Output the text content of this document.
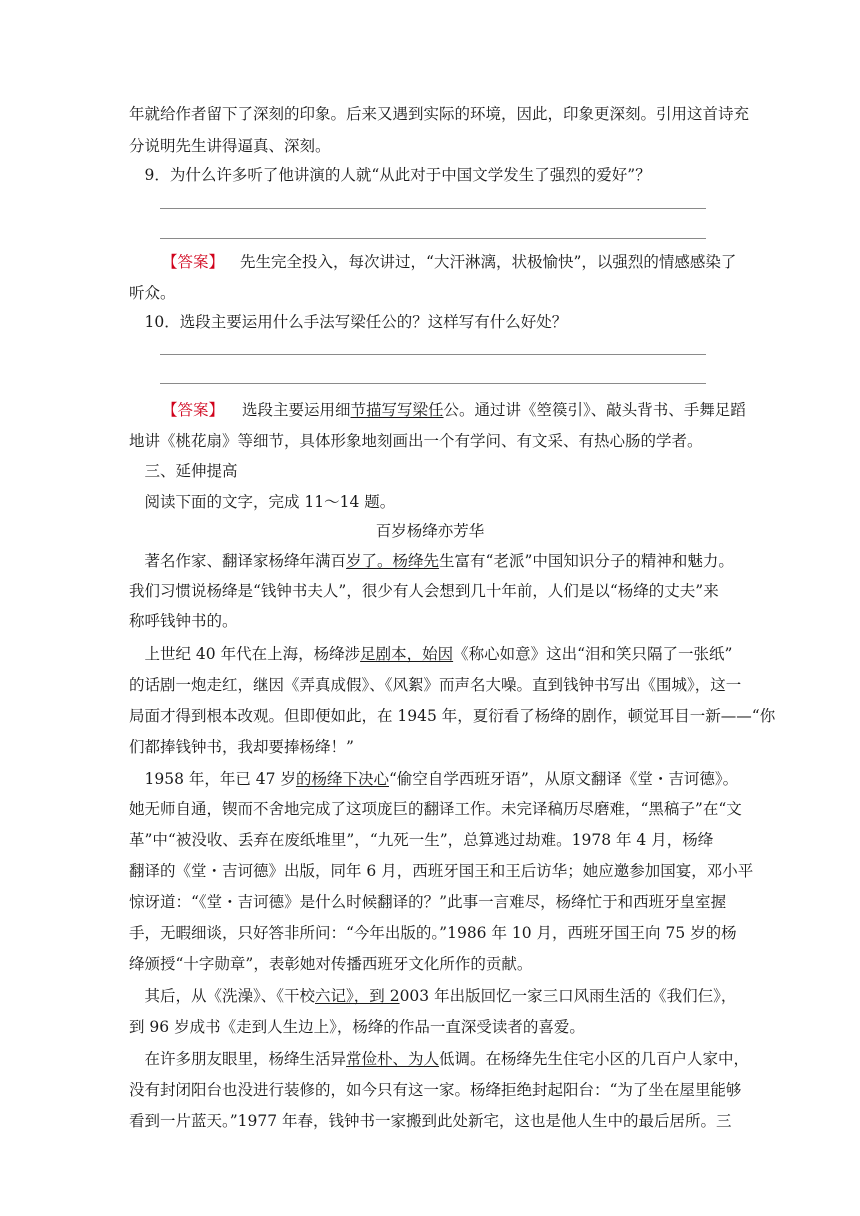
年就给作者留下了深刻的印象。后来又遇到实际的环境，因此，印象更深刻。引用这首诗充
分说明先生讲得逼真、深刻。
　9．为什么许多听了他讲演的人就“从此对于中国文学发生了强烈的爱好”？
【答案】 先生完全投入，每次讲过，“大汗淋漓，状极愉快”，以强烈的情感感染了
听众。
　10．选段主要运用什么手法写梁任公的？这样写有什么好处？
【答案】 选段主要运用细节描写写梁任公。通过讲《箜篌引》、敲头背书、手舞足蹈
地讲《桃花扇》等细节，具体形象地刻画出一个有学问、有文采、有热心肠的学者。
　三、延伸提高
　阅读下面的文字，完成 11～14 题。
百岁杨绛亦芳华
　著名作家、翻译家杨绛年满百岁了。杨绛先生富有“老派”中国知识分子的精神和魅力。
我们习惯说杨绛是“钱钟书夫人”，很少有人会想到几十年前，人们是以“杨绛的丈夫”来
称呼钱钟书的。
　上世纪 40 年代在上海，杨绛涉足剧本，始因《称心如意》这出“泪和笑只隔了一张纸”
的话剧一炮走红，继因《弄真成假》、《风絮》而声名大噪。直到钱钟书写出《围城》，这一
局面才得到根本改观。但即便如此，在 1945 年，夏衍看了杨绛的剧作，顿觉耳目一新——“你
们都捧钱钟书，我却要捧杨绛！”
　1958 年，年已 47 岁的杨绛下决心“偷空自学西班牙语”，从原文翻译《堂・吉诃德》。
她无师自通，锲而不舍地完成了这项庞巨的翻译工作。未完译稿历尽磨难，“黑稿子”在“文
革”中“被没收、丢弃在废纸堆里”，“九死一生”，总算逃过劫难。1978 年 4 月，杨绛
翻译的《堂・吉诃德》出版，同年 6 月，西班牙国王和王后访华；她应邀参加国宴，邓小平
惊讶道：“《堂・吉诃德》是什么时候翻译的？”此事一言难尽，杨绛忙于和西班牙皇室握
手，无暇细谈，只好答非所问：“今年出版的。”1986 年 10 月，西班牙国王向 75 岁的杨
绛颁授“十字勋章”，表彰她对传播西班牙文化所作的贡献。
　其后，从《洗澡》、《干校六记》，到 2003 年出版回忆一家三口风雨生活的《我们仨》，
到 96 岁成书《走到人生边上》，杨绛的作品一直深受读者的喜爱。
　在许多朋友眼里，杨绛生活异常俭朴、为人低调。在杨绛先生住宅小区的几百户人家中，
没有封闭阳台也没进行装修的，如今只有这一家。杨绛拒绝封起阳台：“为了坐在屋里能够
看到一片蓝天。”1977 年春，钱钟书一家搬到此处新宅，这也是他人生中的最后居所。三
